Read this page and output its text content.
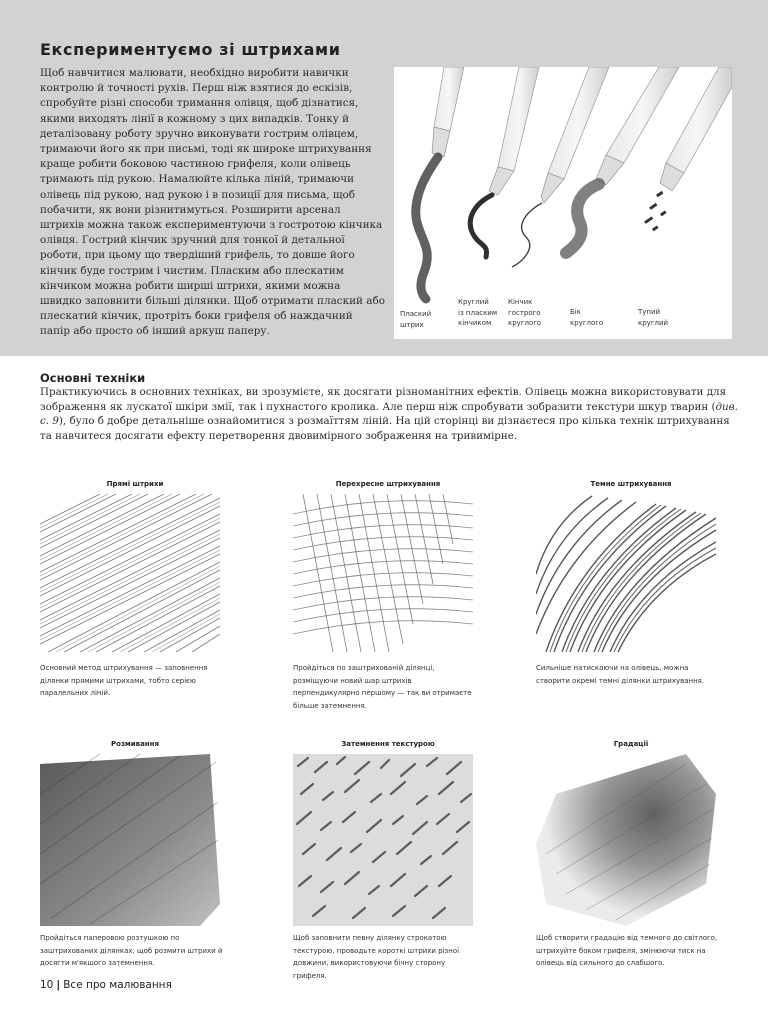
Експериментуємо зі штрихами

Щоб навчитися малювати, необхідно виробити навички контролю й точності рухів. Перш ніж взятися до ескізів, спробуйте різні способи тримання олівця, щоб дізнатися, якими виходять лінії в кожному з цих випадків. Тонку й деталізовану роботу зручно виконувати гострим олівцем, тримаючи його як при письмі, тоді як широке штрихування краще робити боковою частиною грифеля, коли олівець тримають під рукою. Намалюйте кілька ліній, тримаючи олівець під рукою, над рукою і в позиції для письма, щоб побачити, як вони різнитимуться. Розширити арсенал штрихів можна також експериментуючи з гостротою кінчика олівця. Гострий кінчик зручний для тонкої й детальної роботи, при цьому що твердіший грифель, то довше його кінчик буде гострим і чистим. Пласким або плескатим кінчиком можна робити ширші штрихи, якими можна швидко заповнити більші ділянки. Щоб отримати плаский або плескатий кінчик, протріть боки грифеля об наждачний папір або просто об інший аркуш паперу.

Плаский
штрих
Круглий
із пласким
кінчиком
Кінчик
гострого
круглого
Бік
круглого
Тупий
круглий
Основні техніки

Практикуючись в основних техніках, ви зрозумієте, як досягати різноманітних ефектів. Олівець можна використовувати для зображення як лускатої шкіри змії, так і пухнастого кролика. Але перш ніж спробувати зобразити текстури шкур тварин (див. с. 9), було б добре детальніше ознайомитися з розмаїттям ліній. На цій сторінці ви дізнаєтеся про кілька технік штрихування та навчитеся досягати ефекту перетворення двовимірного зображення на тривимірне.

Прямі штрихи

Основний метод штрихування — заповнення ділянки прямими штрихами, тобто серією паралельних ліній.

Перехресне штрихування

Пройдіться по заштрихованій ділянці, розміщуючи новий шар штрихів перпендикулярно першому — так ви отримаєте більше затемнення.

Темне штрихування

Сильніше натискаючи на олівець, можна створити окремі темні ділянки штрихування.

Розмивання

Пройдіться паперовою розтушкою по заштрихованих ділянках, щоб розмити штрихи й досягти м'якшого затемнення.

Затемнення текстурою

Щоб заповнити певну ділянку строкатою текстурою, проводьте короткі штрихи різної довжини, використовуючи бічну сторону грифеля.

Градації

Щоб створити градацію від темного до світлого, штрихуйте боком грифеля, змінюючи тиск на олівець від сильного до слабшого.

10 | Все про малювання
